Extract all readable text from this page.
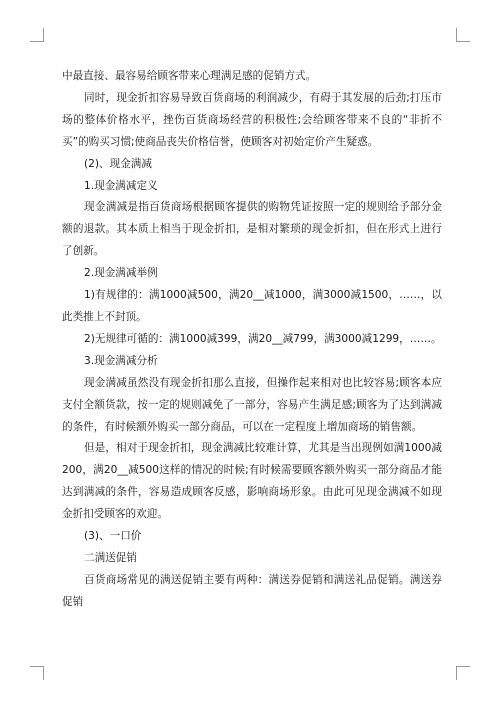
中最直接、最容易给顾客带来心理满足感的促销方式。

同时，现金折扣容易导致百货商场的利润减少，有碍于其发展的后劲;打压市场的整体价格水平，挫伤百货商场经营的积极性;会给顾客带来不良的“非折不买”的购买习惯;使商品丧失价格信誉，使顾客对初始定价产生疑惑。

(2)、现金满减

1.现金满减定义

现金满减是指百货商场根据顾客提供的购物凭证按照一定的规则给予部分金额的退款。其本质上相当于现金折扣，是相对繁琐的现金折扣，但在形式上进行了创新。

2.现金满减举例

1)有规律的：满1000减500，满20__减1000，满3000减1500，……，以此类推上不封顶。

2)无规律可循的：满1000减399，满20__减799，满3000减1299，……。

3.现金满减分析

现金满减虽然没有现金折扣那么直接，但操作起来相对也比较容易;顾客本应支付全额货款，按一定的规则减免了一部分，容易产生满足感;顾客为了达到满减的条件，有时候额外购买一部分商品，可以在一定程度上增加商场的销售额。

但是，相对于现金折扣，现金满减比较难计算，尤其是当出现例如满1000减200，满20__减500这样的情况的时候;有时候需要顾客额外购买一部分商品才能达到满减的条件，容易造成顾客反感，影响商场形象。由此可见现金满减不如现金折扣受顾客的欢迎。

(3)、一口价

二满送促销

百货商场常见的满送促销主要有两种：满送券促销和满送礼品促销。满送券促销
